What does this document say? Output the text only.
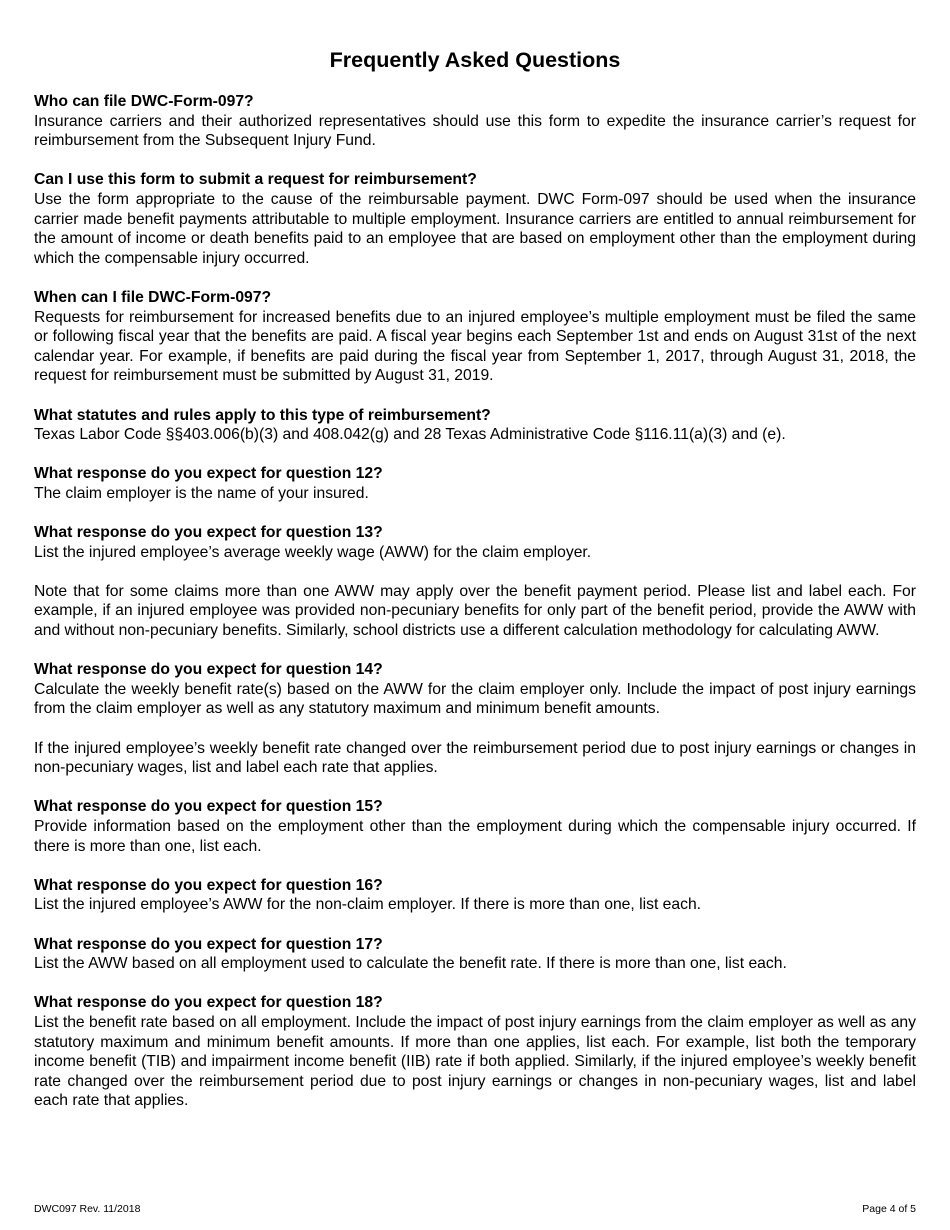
Frequently Asked Questions

Who can file DWC-Form-097?

Insurance carriers and their authorized representatives should use this form to expedite the insurance carrier’s request for reimbursement from the Subsequent Injury Fund.

Can I use this form to submit a request for reimbursement?

Use the form appropriate to the cause of the reimbursable payment. DWC Form-097 should be used when the insurance carrier made benefit payments attributable to multiple employment. Insurance carriers are entitled to annual reimbursement for the amount of income or death benefits paid to an employee that are based on employment other than the employment during which the compensable injury occurred.

When can I file DWC-Form-097?

Requests for reimbursement for increased benefits due to an injured employee’s multiple employment must be filed the same or following fiscal year that the benefits are paid. A fiscal year begins each September 1st and ends on August 31st of the next calendar year. For example, if benefits are paid during the fiscal year from September 1, 2017, through August 31, 2018, the request for reimbursement must be submitted by August 31, 2019.

What statutes and rules apply to this type of reimbursement?

Texas Labor Code §§403.006(b)(3) and 408.042(g) and 28 Texas Administrative Code §116.11(a)(3) and (e).

What response do you expect for question 12?

The claim employer is the name of your insured.

What response do you expect for question 13?

List the injured employee’s average weekly wage (AWW) for the claim employer.

Note that for some claims more than one AWW may apply over the benefit payment period. Please list and label each. For example, if an injured employee was provided non-pecuniary benefits for only part of the benefit period, provide the AWW with and without non-pecuniary benefits. Similarly, school districts use a different calculation methodology for calculating AWW.

What response do you expect for question 14?

Calculate the weekly benefit rate(s) based on the AWW for the claim employer only. Include the impact of post injury earnings from the claim employer as well as any statutory maximum and minimum benefit amounts.

If the injured employee’s weekly benefit rate changed over the reimbursement period due to post injury earnings or changes in non-pecuniary wages, list and label each rate that applies.

What response do you expect for question 15?

Provide information based on the employment other than the employment during which the compensable injury occurred. If there is more than one, list each.

What response do you expect for question 16?

List the injured employee’s AWW for the non-claim employer. If there is more than one, list each.

What response do you expect for question 17?

List the AWW based on all employment used to calculate the benefit rate. If there is more than one, list each.

What response do you expect for question 18?

List the benefit rate based on all employment. Include the impact of post injury earnings from the claim employer as well as any statutory maximum and minimum benefit amounts. If more than one applies, list each. For example, list both the temporary income benefit (TIB) and impairment income benefit (IIB) rate if both applied. Similarly, if the injured employee’s weekly benefit rate changed over the reimbursement period due to post injury earnings or changes in non-pecuniary wages, list and label each rate that applies.

DWC097 Rev. 11/2018	Page 4 of 5
